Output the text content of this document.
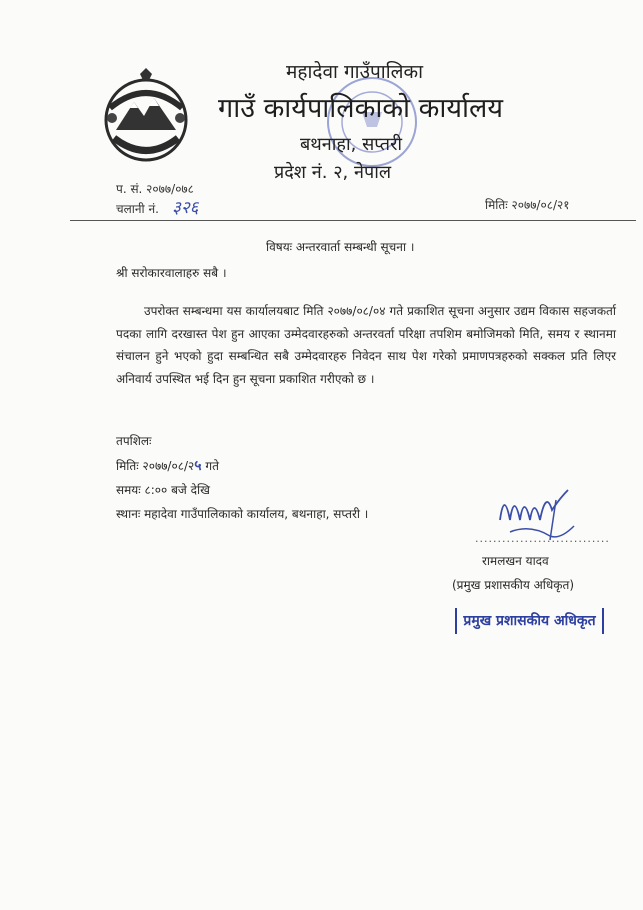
महादेवा गाउँपालिका
गाउँ कार्यपालिकाको कार्यालय
बथनाहा, सप्तरी
प्रदेश नं. २, नेपाल
प. सं. २०७७/०७८
चलानी नं. ३२६	मितिः २०७७/०८/२१
विषयः अन्तरवार्ता सम्बन्धी सूचना ।
श्री सरोकारवालाहरु सबै ।
उपरोक्त सम्बन्धमा यस कार्यालयबाट मिति २०७७/०८/०४ गते प्रकाशित सूचना अनुसार उद्यम विकास सहजकर्ता पदका लागि दरखास्त पेश हुन आएका उम्मेदवारहरुको अन्तरवर्ता परिक्षा तपशिम बमोजिमको मिति, समय र स्थानमा संचालन हुने भएको हुदा सम्बन्धित सबै उम्मेदवारहरु निवेदन साथ पेश गरेको प्रमाणपत्रहरुको सक्कल प्रति लिएर अनिवार्य उपस्थित भई दिन हुन सूचना प्रकाशित गरीएको छ ।
तपशिलः
मितिः २०७७/०८/२५ गते
समयः ८:०० बजे देखि
स्थानः महादेवा गाउँपालिकाको कार्यालय, बथनाहा, सप्तरी ।
..............................
रामलखन यादव
(प्रमुख प्रशासकीय अधिकृत)
प्रमुख प्रशासकीय अधिकृत
